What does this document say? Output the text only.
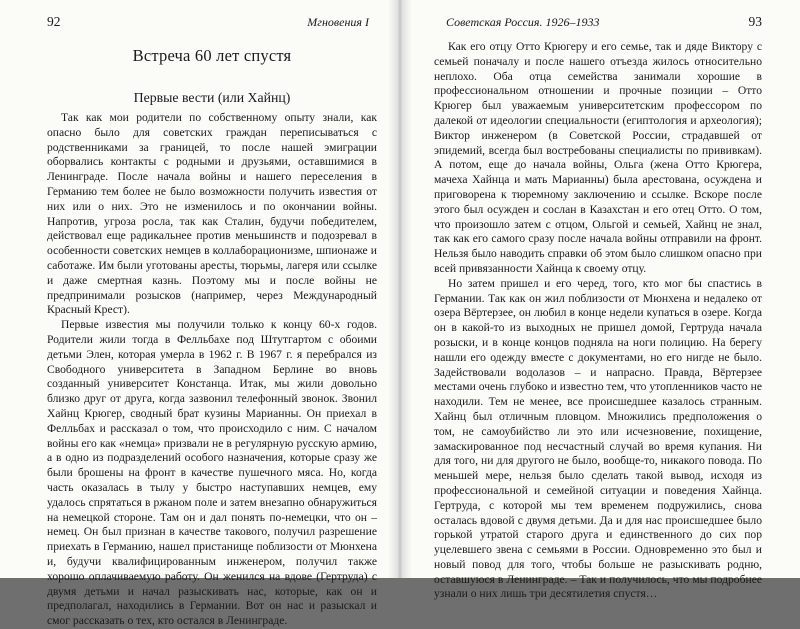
92	Мгновения I
Встреча 60 лет спустя
Первые вести (или Хайнц)

Так как мои родители по собственному опыту знали, как опасно было для советских граждан переписываться с родственниками за границей, то после нашей эмиграции оборвались контакты с родными и друзьями, оставшимися в Ленинграде. После начала войны и нашего переселения в Германию тем более не было возможности получить известия от них или о них. Это не изменилось и по окончании войны. Напротив, угроза росла, так как Сталин, будучи победителем, действовал еще радикальнее против меньшинств и подозревал в особенности советских немцев в коллаборационизме, шпионаже и саботаже. Им были уготованы аресты, тюрьмы, лагеря или ссылке и даже смертная казнь. Поэтому мы и после войны не предпринимали розысков (например, через Международный Красный Крест).

Первые известия мы получили только к концу 60-х годов. Родители жили тогда в Фелльбахе под Штутгартом с обоими детьми Элен, которая умерла в 1962 г. В 1967 г. я перебрался из Свободного университета в Западном Берлине во вновь созданный университет Констанца. Итак, мы жили довольно близко друг от друга, когда зазвонил телефонный звонок. Звонил Хайнц Крюгер, сводный брат кузины Марианны. Он приехал в Фелльбах и рассказал о том, что происходило с ним. С началом войны его как «немца» призвали не в регулярную русскую армию, а в одно из подразделений особого назначения, которые сразу же были брошены на фронт в качестве пушечного мяса. Но, когда часть оказалась в тылу у быстро наступавших немцев, ему удалось спрятаться в ржаном поле и затем внезапно обнаружиться на немецкой стороне. Там он и дал понять по-немецки, что он – немец. Он был признан в качестве такового, получил разрешение приехать в Германию, нашел пристанище поблизости от Мюнхена и, будучи квалифицированным инженером, получил также хорошо оплачиваемую работу. Он женился на вдове (Гертруда) с двумя детьми и начал разыскивать нас, которые, как он и предполагал, находились в Германии. Вот он нас и разыскал и смог рассказать о тех, кто остался в Ленинграде.

Советская Россия. 1926–1933	93

Как его отцу Отто Крюгеру и его семье, так и дяде Виктору с семьей поначалу и после нашего отъезда жилось относительно неплохо. Оба отца семейства занимали хорошие в профессиональном отношении и прочные позиции – Отто Крюгер был уважаемым университетским профессором по далекой от идеологии специальности (египтология и археология); Виктор инженером (в Советской России, страдавшей от эпидемий, всегда был востребованы специалисты по прививкам). А потом, еще до начала войны, Ольга (жена Отто Крюгера, мачеха Хайнца и мать Марианны) была арестована, осуждена и приговорена к тюремному заключению и ссылке. Вскоре после этого был осужден и сослан в Казахстан и его отец Отто. О том, что произошло затем с отцом, Ольгой и семьей, Хайнц не знал, так как его самого сразу после начала войны отправили на фронт. Нельзя было наводить справки об этом было слишком опасно при всей привязанности Хайнца к своему отцу.

Но затем пришел и его черед, того, кто мог бы спастись в Германии. Так как он жил поблизости от Мюнхена и недалеко от озера Вёртерзее, он любил в конце недели купаться в озере. Когда он в какой-то из выходных не пришел домой, Гертруда начала розыски, и в конце концов подняла на ноги полицию. На берегу нашли его одежду вместе с документами, но его нигде не было. Задействовали водолазов – и напрасно. Правда, Вёртерзее местами очень глубоко и известно тем, что утопленников часто не находили. Тем не менее, все происшедшее казалось странным. Хайнц был отличным пловцом. Множились предположения о том, не самоубийство ли это или исчезновение, похищение, замаскированное под несчастный случай во время купания. Ни для того, ни для другого не было, вообще-то, никакого повода. По меньшей мере, нельзя было сделать такой вывод, исходя из профессиональной и семейной ситуации и поведения Хайнца. Гертруда, с которой мы тем временем подружились, снова осталась вдовой с двумя детьми. Да и для нас происшедшее было горькой утратой старого друга и единственного до сих пор уцелевшего звена с семьями в России. Одновременно это был и новый повод для того, чтобы больше не разыскивать родню, оставшуюся в Ленинграде. – Так и получилось, что мы подробнее узнали о них лишь три десятилетия спустя…
